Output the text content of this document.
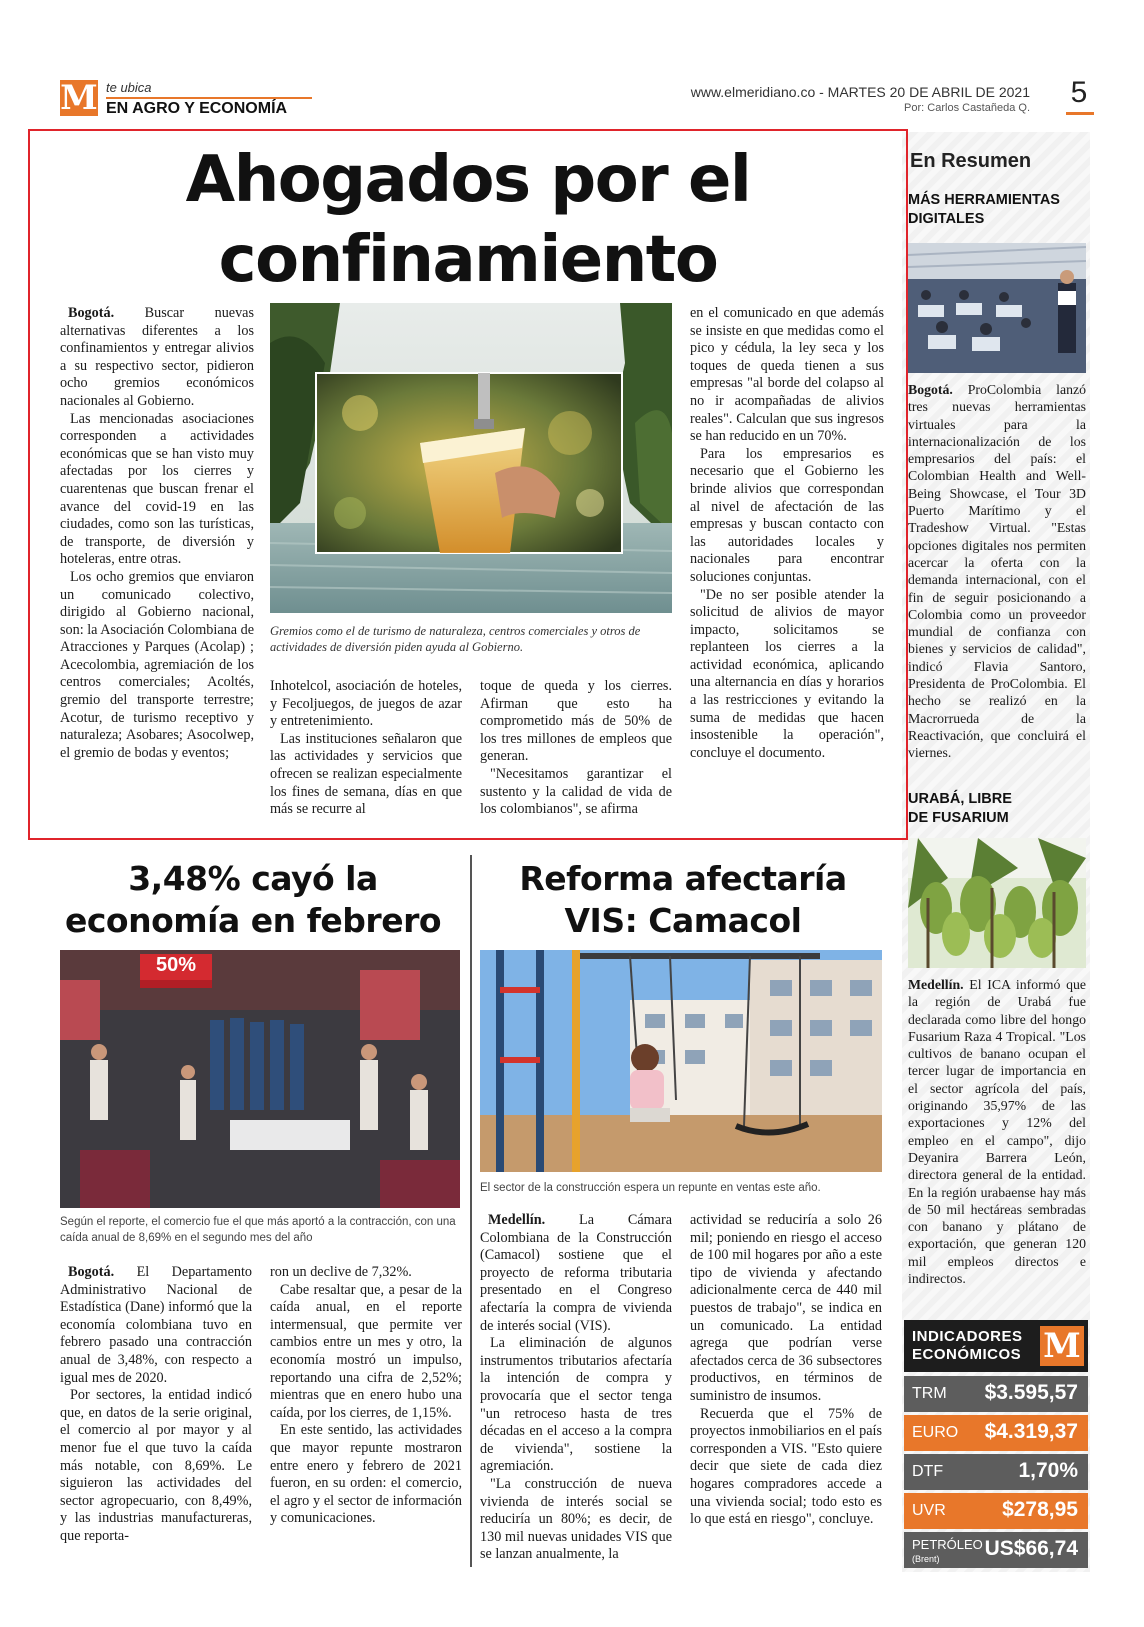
M te ubica
EN AGRO Y ECONOMÍA
www.elmeridiano.co - MARTES 20 DE ABRIL DE 2021
Por: Carlos Castañeda Q. 5
Ahogados por el
confinamiento

Bogotá. Buscar nuevas alternativas diferentes a los confinamientos y entregar alivios a su respectivo sector, pidieron ocho gremios económicos nacionales al Gobierno.

Las mencionadas asociaciones corresponden a actividades económicas que se han visto muy afectadas por los cierres y cuarentenas que buscan frenar el avance del covid-19 en las ciudades, como son las turísticas, de transporte, de diversión y hoteleras, entre otras.

Los ocho gremios que enviaron un comunicado colectivo, dirigido al Gobierno nacional, son: la Asociación Colombiana de Atracciones y Parques (Acolap) ; Acecolombia, agremiación de los centros comerciales; Acoltés, gremio del transporte terrestre; Acotur, de turismo receptivo y naturaleza; Asobares; Asocolwep, el gremio de bodas y eventos;

Gremios como el de turismo de naturaleza, centros comerciales y otros de actividades de diversión piden ayuda al Gobierno.

Inhotelcol, asociación de hoteles, y Fecoljuegos, de juegos de azar y entretenimiento.

Las instituciones señalaron que las actividades y servicios que ofrecen se realizan especialmente los fines de semana, días en que más se recurre al

toque de queda y los cierres. Afirman que esto ha comprometido más de 50% de los tres millones de empleos que generan.

"Necesitamos garantizar el sustento y la calidad de vida de los colombianos", se afirma

en el comunicado en que además se insiste en que medidas como el pico y cédula, la ley seca y los toques de queda tienen a sus empresas "al borde del colapso al no ir acompañadas de alivios reales". Calculan que sus ingresos se han reducido en un 70%.

Para los empresarios es necesario que el Gobierno les brinde alivios que correspondan al nivel de afectación de las empresas y buscan contacto con las autoridades locales y nacionales para encontrar soluciones conjuntas.

"De no ser posible atender la solicitud de alivios de mayor impacto, solicitamos se replanteen los cierres a la actividad económica, aplicando una alternancia en días y horarios a las restricciones y evitando la suma de medidas que hacen insostenible la operación", concluye el documento.

En Resumen
MÁS HERRAMIENTAS
DIGITALES
Bogotá. ProColombia lanzó tres nuevas herramientas virtuales para la internacionalización de los empresarios del país: el Colombian Health and Well-Being Showcase, el Tour 3D Puerto Marítimo y el Tradeshow Virtual. "Estas opciones digitales nos permiten acercar la oferta con la demanda internacional, con el fin de seguir posicionando a Colombia como un proveedor mundial de confianza con bienes y servicios de calidad", indicó Flavia Santoro, Presidenta de ProColombia. El hecho se realizó en la Macrorrueda de la Reactivación, que concluirá el viernes.
URABÁ, LIBRE
DE FUSARIUM
Medellín. El ICA informó que la región de Urabá fue declarada como libre del hongo Fusarium Raza 4 Tropical. "Los cultivos de banano ocupan el tercer lugar de importancia en el sector agrícola del país, originando 35,97% de las exportaciones y 12% del empleo en el campo", dijo Deyanira Barrera León, directora general de la entidad. En la región urabaense hay más de 50 mil hectáreas sembradas con banano y plátano de exportación, que generan 120 mil empleos directos e indirectos.
INDICADORES
ECONÓMICOS M
TRM $3.595,57
EURO $4.319,37
DTF	1,70%
UVR	$278,95
PETRÓLEO
(Brent) US$66,74
3,48% cayó la
economía en febrero
50%
Según el reporte, el comercio fue el que más aportó a la contracción, con una caída anual de 8,69% en el segundo mes del año

Bogotá. El Departamento Administrativo Nacional de Estadística (Dane) informó que la economía colombiana tuvo en febrero pasado una contracción anual de 3,48%, con respecto a igual mes de 2020.

Por sectores, la entidad indicó que, en datos de la serie original, el comercio al por mayor y al menor fue el que tuvo la caída más notable, con 8,69%. Le siguieron las actividades del sector agropecuario, con 8,49%, y las industrias manufactureras, que reporta-

ron un declive de 7,32%.

Cabe resaltar que, a pesar de la caída anual, en el reporte intermensual, que permite ver cambios entre un mes y otro, la economía mostró un impulso, reportando una cifra de 2,52%; mientras que en enero hubo una caída, por los cierres, de 1,15%.

En este sentido, las actividades que mayor repunte mostraron entre enero y febrero de 2021 fueron, en su orden: el comercio, el agro y el sector de información y comunicaciones.

Reforma afectaría
VIS: Camacol
El sector de la construcción espera un repunte en ventas este año.

Medellín. La Cámara Colombiana de la Construcción (Camacol) sostiene que el proyecto de reforma tributaria presentado en el Congreso afectaría la compra de vivienda de interés social (VIS).

La eliminación de algunos instrumentos tributarios afectaría la intención de compra y provocaría que el sector tenga "un retroceso hasta de tres décadas en el acceso a la compra de vivienda", sostiene la agremiación.

"La construcción de nueva vivienda de interés social se reduciría un 80%; es decir, de 130 mil nuevas unidades VIS que se lanzan anualmente, la

actividad se reduciría a solo 26 mil; poniendo en riesgo el acceso de 100 mil hogares por año a este tipo de vivienda y afectando adicionalmente cerca de 440 mil puestos de trabajo", se indica en un comunicado. La entidad agrega que podrían verse afectados cerca de 36 subsectores productivos, en términos de suministro de insumos.

Recuerda que el 75% de proyectos inmobiliarios en el país corresponden a VIS. "Esto quiere decir que siete de cada diez hogares compradores accede a una vivienda social; todo esto es lo que está en riesgo", concluye.
